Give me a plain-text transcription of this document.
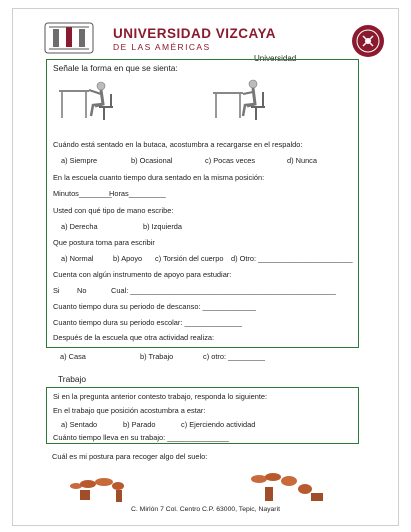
UNIVERSIDAD VIZCAYA
DE LAS AMÉRICAS
Universidad
Señale la forma en que se sienta:
Cuándo está sentado en la butaca, acostumbra a recargarse en el respaldo:
a) Siempre	b) Ocasional	c) Pocas veces	d) Nunca
En la escuela cuanto tiempo dura sentado en la misma posición:
Minutos________
Horas_________
Usted con qué tipo de mano escribe:
a) Derecha	b) Izquierda
Que postura toma para escribir
a) Normal	b) Apoyo c) Torsión del cuerpo d) Otro: _______________________
Cuenta con algún instrumento de apoyo para estudiar:
Si No	Cual: __________________________________________________
Cuanto tiempo dura su periodo de descanso: _____________
Cuanto tiempo dura su periodo escolar: ______________
Después de la escuela que otra actividad realiza:
a) Casa	b) Trabajo	c) otro: _________
Trabajo
Si en la pregunta anterior contesto trabajo, responda lo siguiente:
En el trabajo que posición acostumbra a estar:
a) Sentado	b) Parado	c) Ejerciendo actividad
Cuánto tiempo lleva en su trabajo: _______________
Cuál es mi postura para recoger algo del suelo:
C. Mirlón 7 Col. Centro C.P. 63000, Tepic, Nayarit
